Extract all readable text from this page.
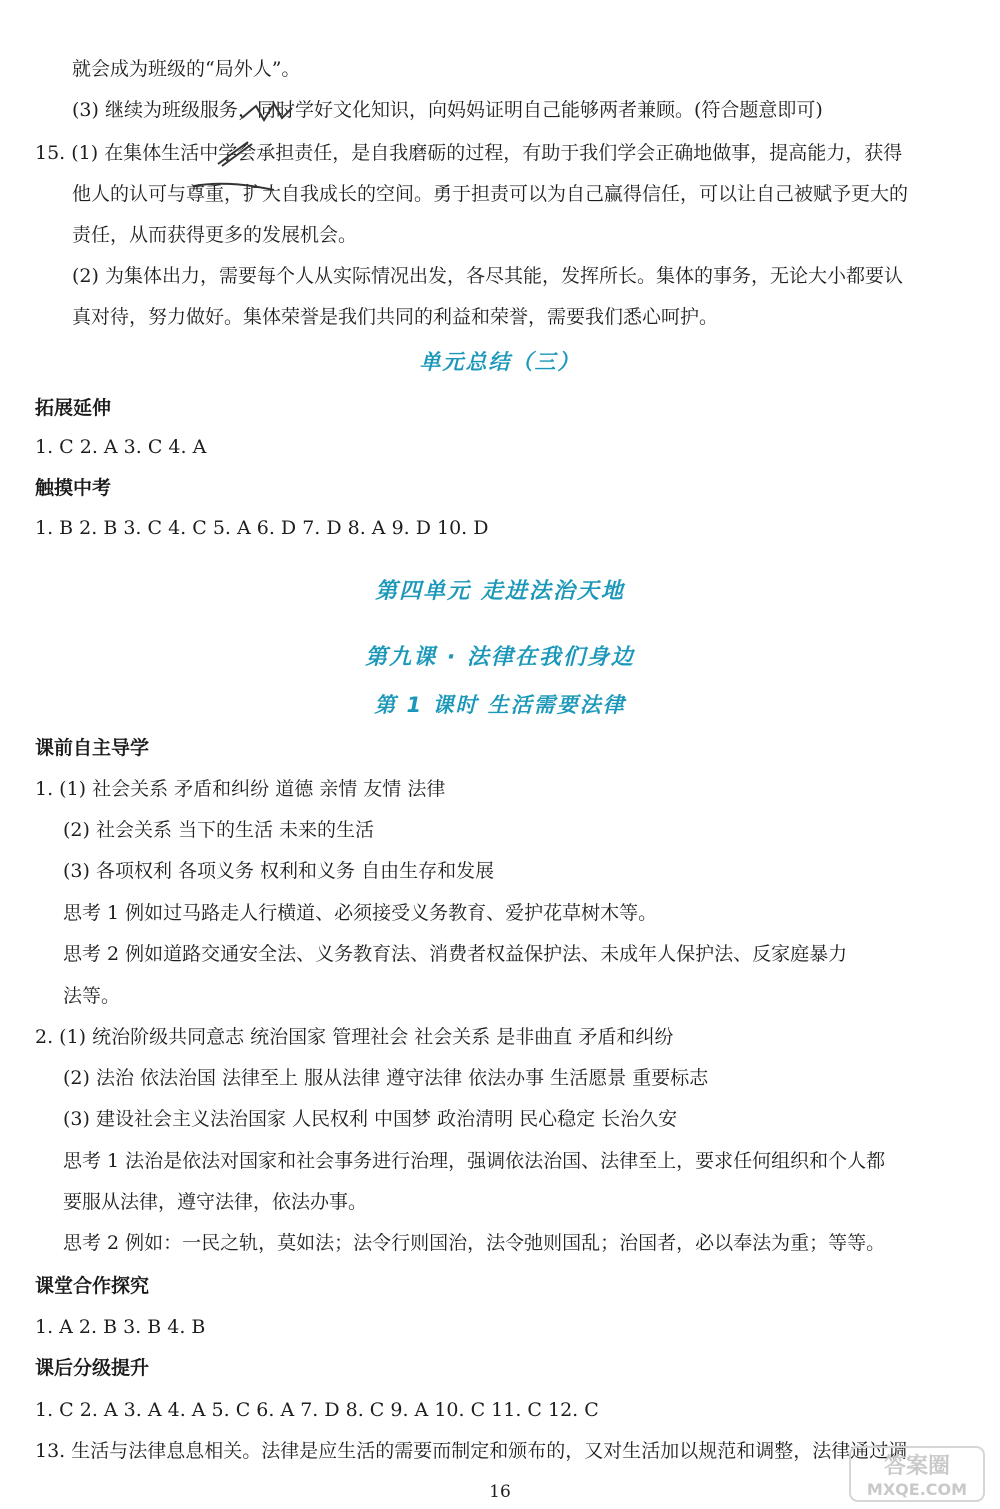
就会成为班级的“局外人”。
(3) 继续为班级服务，同时学好文化知识，向妈妈证明自己能够两者兼顾。(符合题意即可)
15. (1) 在集体生活中学会承担责任，是自我磨砺的过程，有助于我们学会正确地做事，提高能力，获得
他人的认可与尊重，扩大自我成长的空间。勇于担责可以为自己赢得信任，可以让自己被赋予更大的
责任，从而获得更多的发展机会。
(2) 为集体出力，需要每个人从实际情况出发，各尽其能，发挥所长。集体的事务，无论大小都要认
真对待，努力做好。集体荣誉是我们共同的利益和荣誉，需要我们悉心呵护。
单元总结（三）
拓展延伸
1. C 2. A 3. C 4. A
触摸中考
1. B 2. B 3. C 4. C 5. A 6. D 7. D 8. A 9. D 10. D
第四单元 走进法治天地
第九课 · 法律在我们身边
第 1 课时 生活需要法律
课前自主导学
1. (1) 社会关系 矛盾和纠纷 道德 亲情 友情 法律
(2) 社会关系 当下的生活 未来的生活
(3) 各项权利 各项义务 权利和义务 自由生存和发展
思考 1 例如过马路走人行横道、必须接受义务教育、爱护花草树木等。
思考 2 例如道路交通安全法、义务教育法、消费者权益保护法、未成年人保护法、反家庭暴力
法等。
2. (1) 统治阶级共同意志 统治国家 管理社会 社会关系 是非曲直 矛盾和纠纷
(2) 法治 依法治国 法律至上 服从法律 遵守法律 依法办事 生活愿景 重要标志
(3) 建设社会主义法治国家 人民权利 中国梦 政治清明 民心稳定 长治久安
思考 1 法治是依法对国家和社会事务进行治理，强调依法治国、法律至上，要求任何组织和个人都
要服从法律，遵守法律，依法办事。
思考 2 例如：一民之轨，莫如法；法令行则国治，法令弛则国乱；治国者，必以奉法为重；等等。
课堂合作探究
1. A 2. B 3. B 4. B
课后分级提升
1. C 2. A 3. A 4. A 5. C 6. A 7. D 8. C 9. A 10. C 11. C 12. C
13. 生活与法律息息相关。法律是应生活的需要而制定和颁布的，又对生活加以规范和调整，法律通过调
16
答案圈
MXQE.COM
